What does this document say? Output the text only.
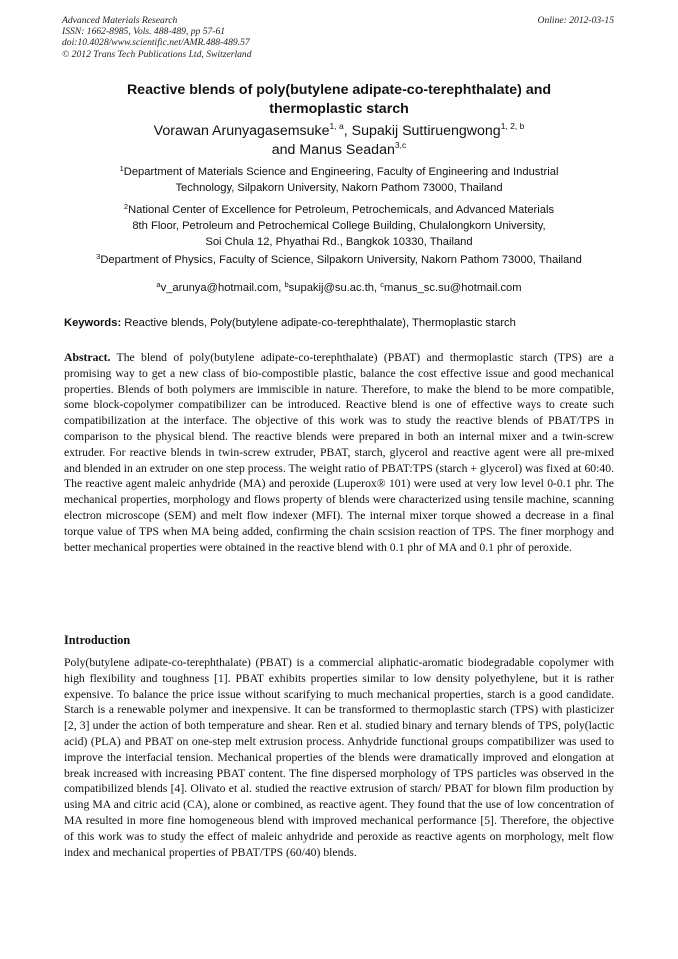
Advanced Materials Research
ISSN: 1662-8985, Vols. 488-489, pp 57-61
doi:10.4028/www.scientific.net/AMR.488-489.57
© 2012 Trans Tech Publications Ltd, Switzerland
Online: 2012-03-15
Reactive blends of poly(butylene adipate-co-terephthalate) and
thermoplastic starch
Vorawan Arunyagasemsuke$^{1, a}$, Supakij Suttiruengwong$^{1, 2, b}$
and Manus Seadan$^{3,c}$
$^1$Department of Materials Science and Engineering, Faculty of Engineering and Industrial
Technology, Silpakorn University, Nakorn Pathom 73000, Thailand
$^2$National Center of Excellence for Petroleum, Petrochemicals, and Advanced Materials
8th Floor, Petroleum and Petrochemical College Building, Chulalongkorn University,
Soi Chula 12, Phyathai Rd., Bangkok 10330, Thailand
$^3$Department of Physics, Faculty of Science, Silpakorn University, Nakorn Pathom 73000, Thailand
$^a$v_arunya@hotmail.com, $^b$supakij@su.ac.th, $^c$manus_sc.su@hotmail.com
Keywords: Reactive blends, Poly(butylene adipate-co-terephthalate), Thermoplastic starch
Abstract. The blend of poly(butylene adipate-co-terephthalate) (PBAT) and thermoplastic starch (TPS) are a promising way to get a new class of bio-compostible plastic, balance the cost effective issue and good mechanical properties. Blends of both polymers are immiscible in nature. Therefore, to make the blend to be more compatible, some block-copolymer compatibilizer can be introduced. Reactive blend is one of effective ways to create such compatibilization at the interface. The objective of this work was to study the reactive blends of PBAT/TPS in comparison to the physical blend. The reactive blends were prepared in both an internal mixer and a twin-screw extruder. For reactive blends in twin-screw extruder, PBAT, starch, glycerol and reactive agent were all pre-mixed and blended in an extruder on one step process. The weight ratio of PBAT:TPS (starch + glycerol) was fixed at 60:40. The reactive agent maleic anhydride (MA) and peroxide (Luperox® 101) were used at very low level 0-0.1 phr. The mechanical properties, morphology and flows property of blends were characterized using tensile machine, scanning electron microscope (SEM) and melt flow indexer (MFI). The internal mixer torque showed a decrease in a final torque value of TPS when MA being added, confirming the chain scsision reaction of TPS. The finer morphogy and better mechanical properties were obtained in the reactive blend with 0.1 phr of MA and 0.1 phr of peroxide.
Introduction
Poly(butylene adipate-co-terephthalate) (PBAT) is a commercial aliphatic-aromatic biodegradable copolymer with high flexibility and toughness [1]. PBAT exhibits properties similar to low density polyethylene, but it is rather expensive. To balance the price issue without scarifying to much mechanical properties, starch is a good candidate. Starch is a renewable polymer and inexpensive. It can be transformed to thermoplastic starch (TPS) with plasticizer [2, 3] under the action of both temperature and shear. Ren et al. studied binary and ternary blends of TPS, poly(lactic acid) (PLA) and PBAT on one-step melt extrusion process. Anhydride functional groups compatibilizer was used to improve the interfacial tension. Mechanical properties of the blends were dramatically improved and elongation at break increased with increasing PBAT content. The fine dispersed morphology of TPS particles was observed in the compatibilized blends [4]. Olivato et al. studied the reactive extrusion of starch/ PBAT for blown film production by using MA and citric acid (CA), alone or combined, as reactive agent. They found that the use of low concentration of MA resulted in more fine homogeneous blend with improved mechanical performance [5]. Therefore, the objective of this work was to study the effect of maleic anhydride and peroxide as reactive agents on morphology, melt flow index and mechanical properties of PBAT/TPS (60/40) blends.
